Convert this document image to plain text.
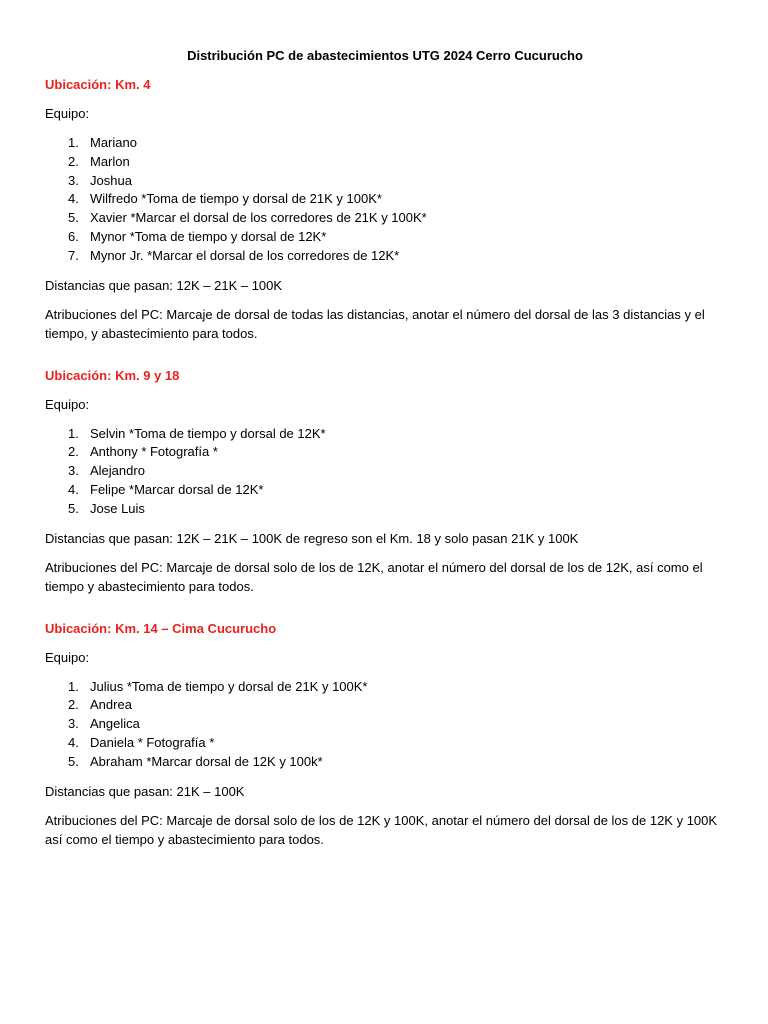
Distribución PC de abastecimientos UTG 2024 Cerro Cucurucho
Ubicación: Km. 4
Equipo:
1. Mariano
2. Marlon
3. Joshua
4. Wilfredo *Toma de tiempo y dorsal de 21K y 100K*
5. Xavier *Marcar el dorsal de los corredores de 21K y 100K*
6. Mynor *Toma de tiempo y dorsal de 12K*
7. Mynor Jr. *Marcar el dorsal de los corredores de 12K*
Distancias que pasan: 12K – 21K – 100K
Atribuciones del PC: Marcaje de dorsal de todas las distancias, anotar el número del dorsal de las 3 distancias y el tiempo, y abastecimiento para todos.
Ubicación: Km. 9 y 18
Equipo:
1. Selvin *Toma de tiempo y dorsal de 12K*
2. Anthony * Fotografía *
3. Alejandro
4. Felipe *Marcar dorsal de 12K*
5. Jose Luis
Distancias que pasan: 12K – 21K – 100K de regreso son el Km. 18 y solo pasan 21K y 100K
Atribuciones del PC: Marcaje de dorsal solo de los de 12K, anotar el número del dorsal de los de 12K, así como el tiempo y abastecimiento para todos.
Ubicación: Km. 14 – Cima Cucurucho
Equipo:
1. Julius *Toma de tiempo y dorsal de 21K y 100K*
2. Andrea
3. Angelica
4. Daniela * Fotografía *
5. Abraham *Marcar dorsal de 12K y 100k*
Distancias que pasan: 21K – 100K
Atribuciones del PC: Marcaje de dorsal solo de los de 12K y 100K, anotar el número del dorsal de los de 12K y 100K así como el tiempo y abastecimiento para todos.
